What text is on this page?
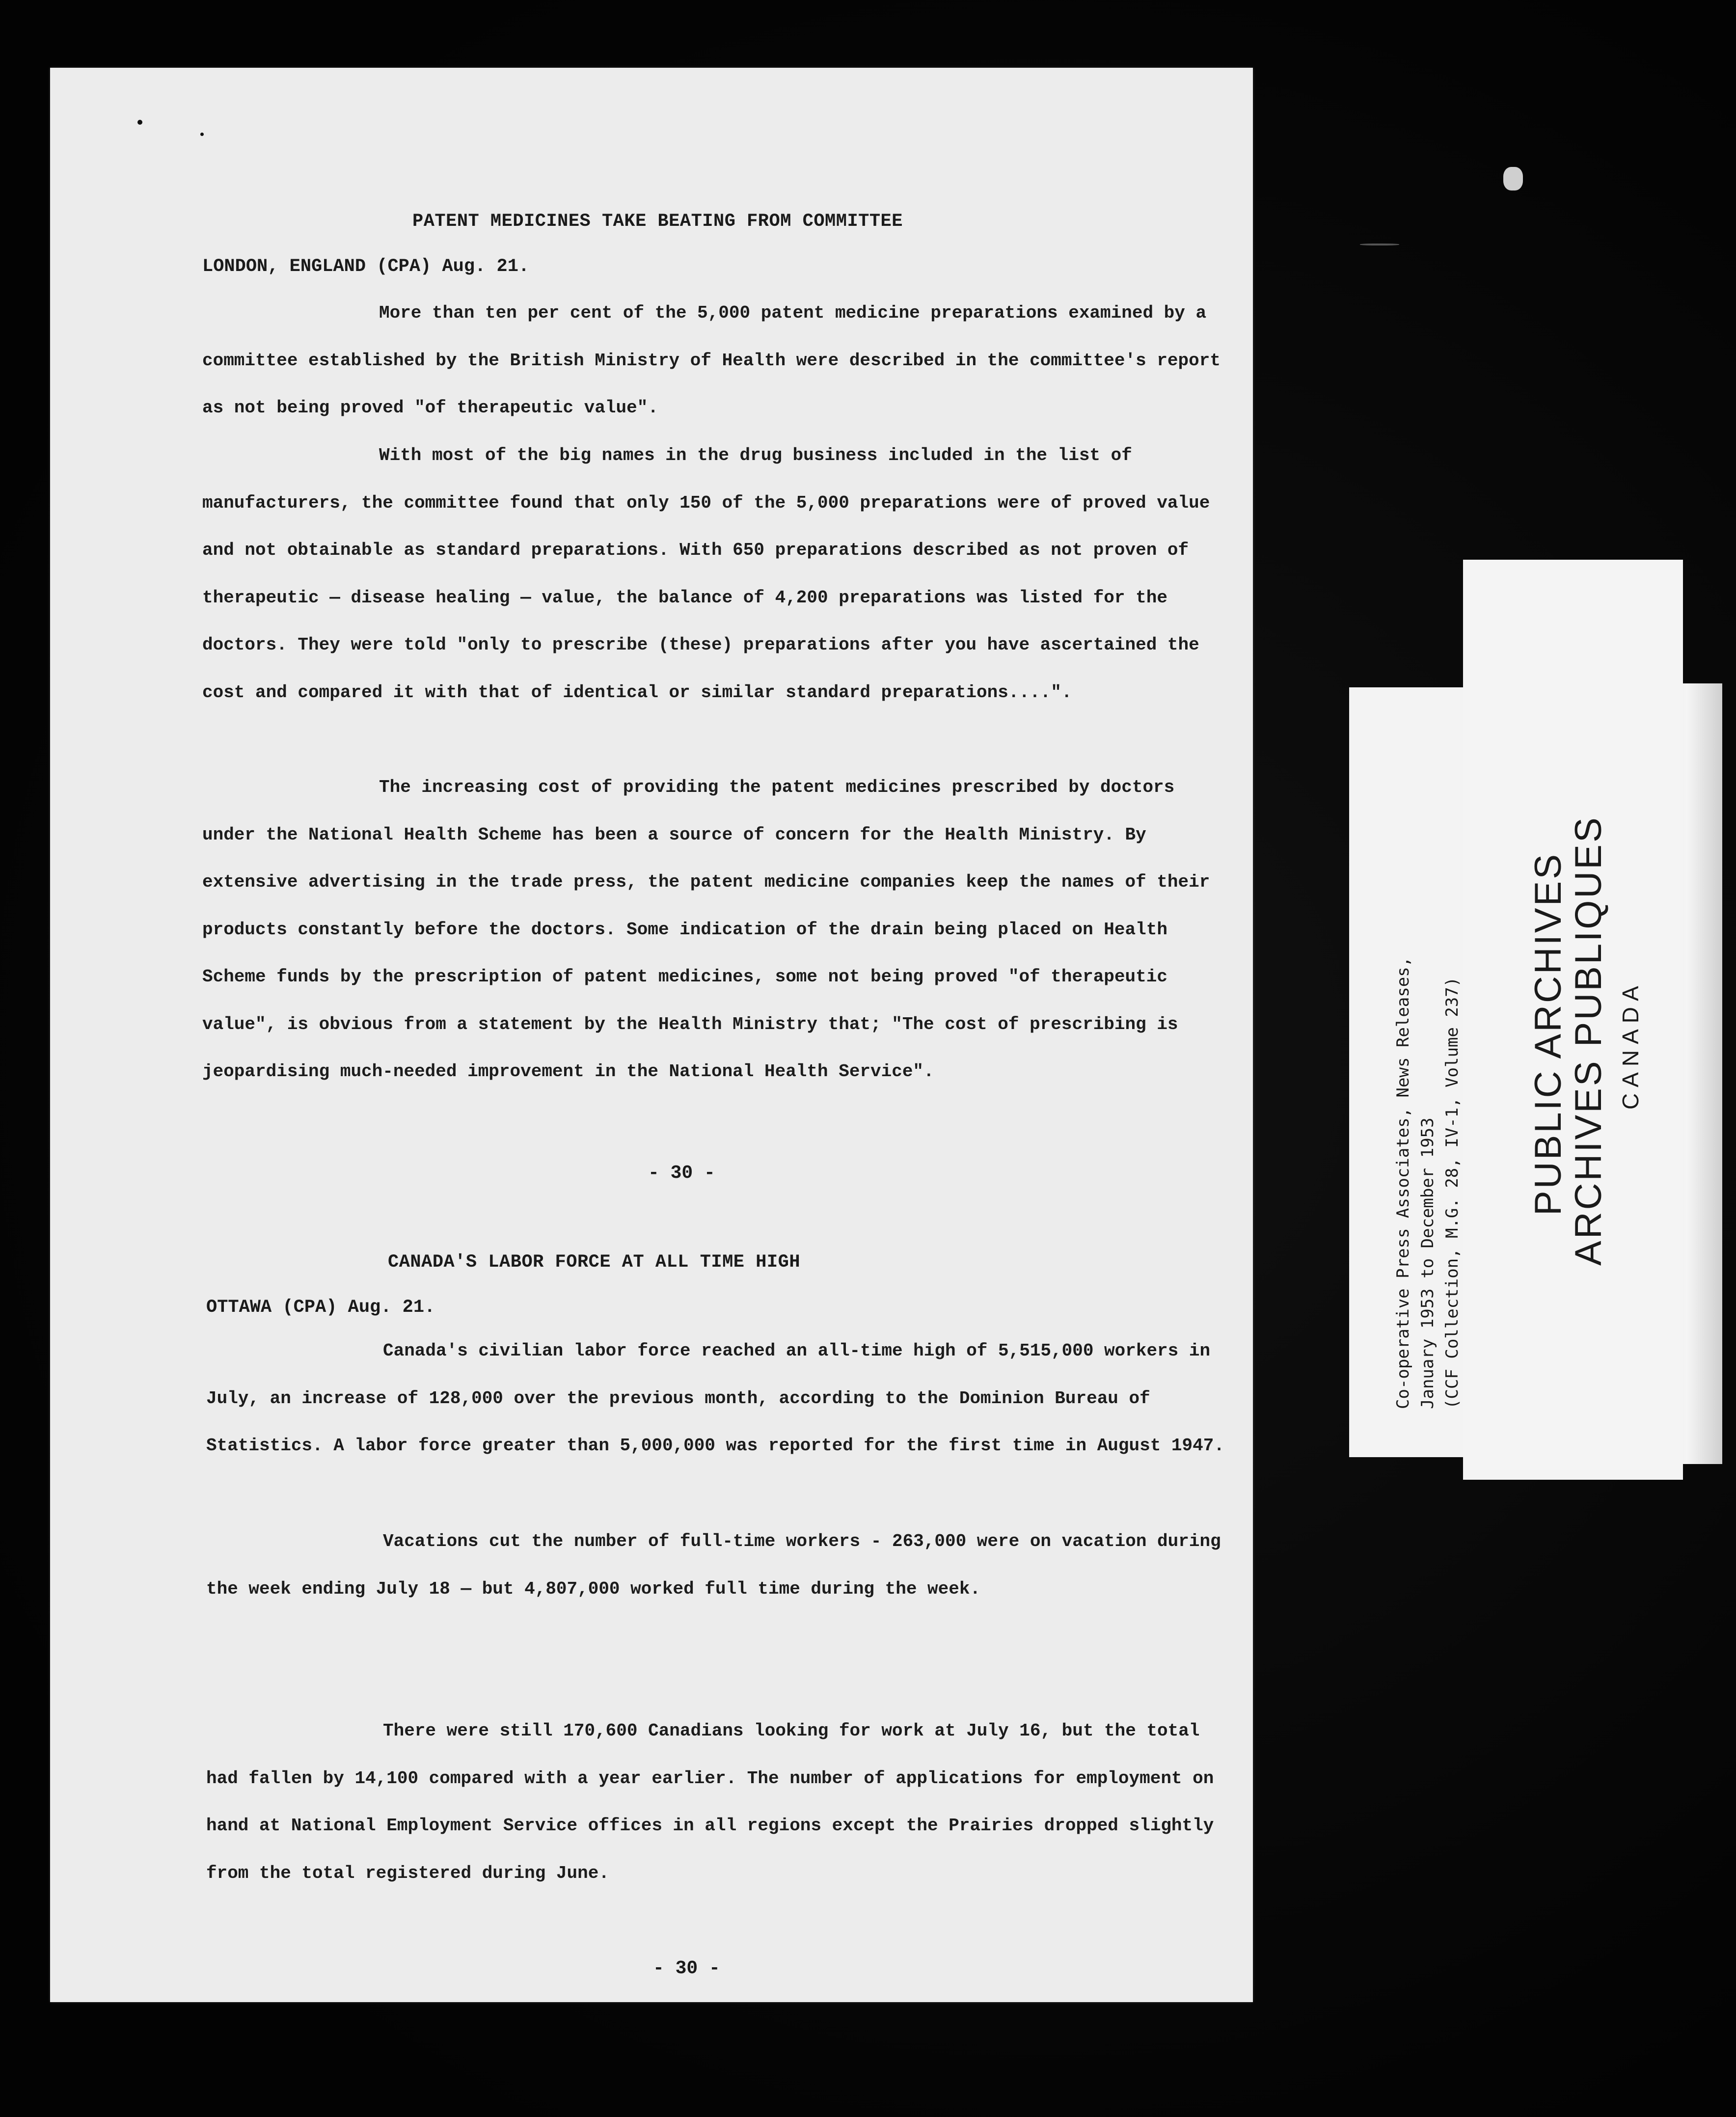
PATENT MEDICINES TAKE BEATING FROM COMMITTEE
LONDON, ENGLAND (CPA) Aug. 21.

More than ten per cent of the 5,000 patent medicine preparations examined by a committee established by the British Ministry of Health were described in the committee's report as not being proved "of therapeutic value".

With most of the big names in the drug business included in the list of manufacturers, the committee found that only 150 of the 5,000 preparations were of proved value and not obtainable as standard preparations. With 650 preparations described as not proven of therapeutic — disease healing — value, the balance of 4,200 preparations was listed for the doctors. They were told "only to prescribe (these) preparations after you have ascertained the cost and compared it with that of identical or similar standard preparations....".

The increasing cost of providing the patent medicines prescribed by doctors under the National Health Scheme has been a source of concern for the Health Ministry. By extensive advertising in the trade press, the patent medicine companies keep the names of their products constantly before the doctors. Some indication of the drain being placed on Health Scheme funds by the prescription of patent medicines, some not being proved "of therapeutic value", is obvious from a statement by the Health Ministry that; "The cost of prescribing is jeopardising much-needed improvement in the National Health Service".

- 30 -
CANADA'S LABOR FORCE AT ALL TIME HIGH
OTTAWA (CPA) Aug. 21.

Canada's civilian labor force reached an all-time high of 5,515,000 workers in July, an increase of 128,000 over the previous month, according to the Dominion Bureau of Statistics. A labor force greater than 5,000,000 was reported for the first time in August 1947.

Vacations cut the number of full-time workers - 263,000 were on vacation during the week ending July 18 — but 4,807,000 worked full time during the week.

There were still 170,600 Canadians looking for work at July 16, but the total had fallen by 14,100 compared with a year earlier. The number of applications for employment on hand at National Employment Service offices in all regions except the Prairies dropped slightly from the total registered during June.

- 30 -
Co-operative Press Associates, News Releases, January 1953 to December 1953 (CCF Collection, M.G. 28, IV-1, Volume 237) PUBLIC ARCHIVES
ARCHIVES PUBLIQUES CANADA
